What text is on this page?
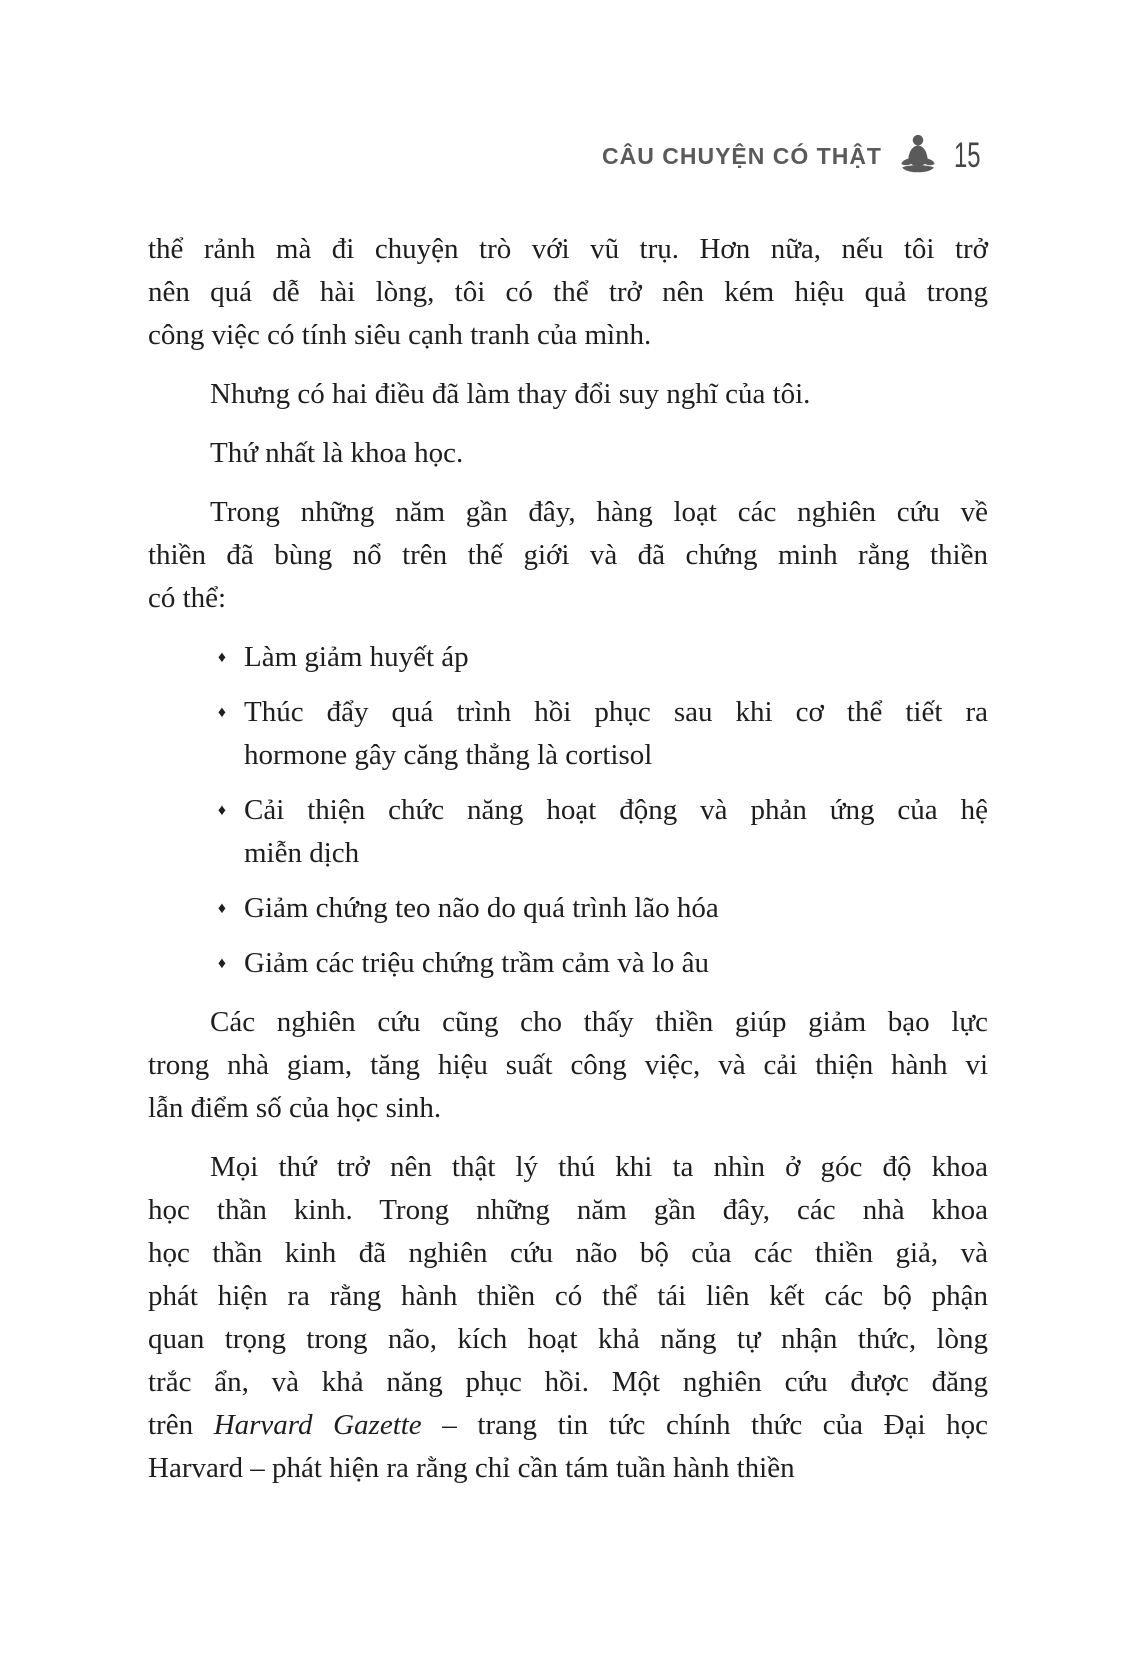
CÂU CHUYỆN CÓ THẬT 15
thể rảnh mà đi chuyện trò với vũ trụ. Hơn nữa, nếu tôi trở
nên quá dễ hài lòng, tôi có thể trở nên kém hiệu quả trong
công việc có tính siêu cạnh tranh của mình.
Nhưng có hai điều đã làm thay đổi suy nghĩ của tôi.
Thứ nhất là khoa học.
Trong những năm gần đây, hàng loạt các nghiên cứu về
thiền đã bùng nổ trên thế giới và đã chứng minh rằng thiền
có thể:
♦ Làm giảm huyết áp
♦ Thúc đẩy quá trình hồi phục sau khi cơ thể tiết ra
hormone gây căng thẳng là cortisol
♦ Cải thiện chức năng hoạt động và phản ứng của hệ
miễn dịch
♦ Giảm chứng teo não do quá trình lão hóa
♦ Giảm các triệu chứng trầm cảm và lo âu
Các nghiên cứu cũng cho thấy thiền giúp giảm bạo lực
trong nhà giam, tăng hiệu suất công việc, và cải thiện hành vi
lẫn điểm số của học sinh.
Mọi thứ trở nên thật lý thú khi ta nhìn ở góc độ khoa
học thần kinh. Trong những năm gần đây, các nhà khoa
học thần kinh đã nghiên cứu não bộ của các thiền giả, và
phát hiện ra rằng hành thiền có thể tái liên kết các bộ phận
quan trọng trong não, kích hoạt khả năng tự nhận thức, lòng
trắc ẩn, và khả năng phục hồi. Một nghiên cứu được đăng
trên Harvard Gazette – trang tin tức chính thức của Đại học
Harvard – phát hiện ra rằng chỉ cần tám tuần hành thiền
